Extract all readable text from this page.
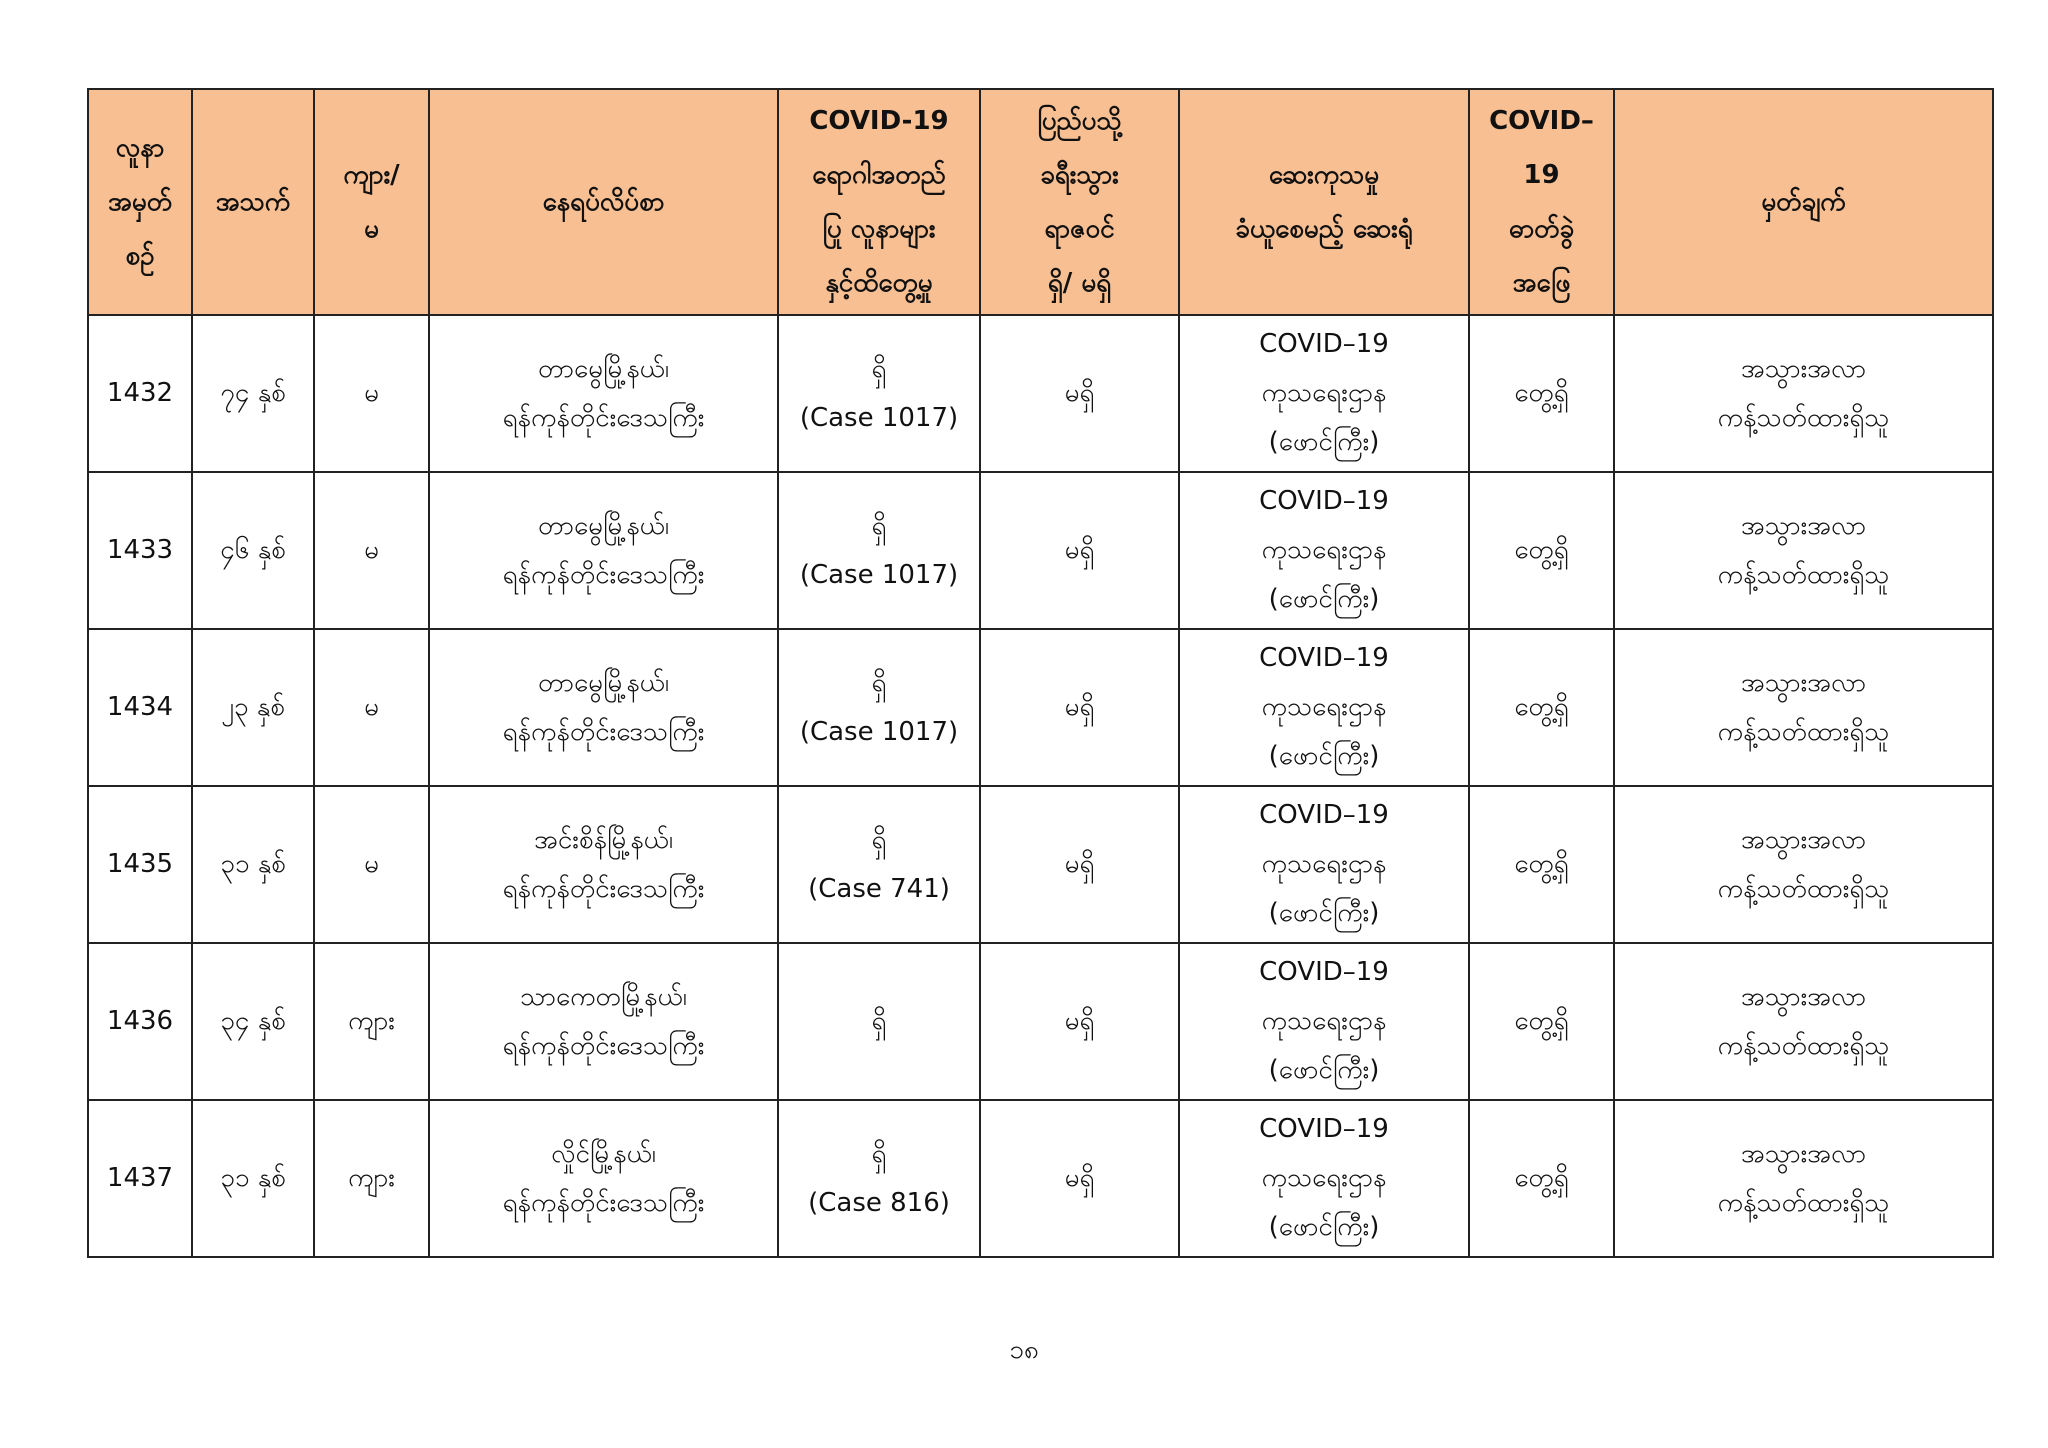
လူနာ
အမှတ်
စဉ်	အသက်	ကျား/
မ	နေရပ်လိပ်စာ	COVID-19
ရောဂါအတည်
ပြု လူနာများ
နှင့်ထိတွေ့မှု	ပြည်ပသို့
ခရီးသွား
ရာဇဝင်
ရှိ/ မရှိ	ဆေးကုသမှု
ခံယူစေမည့် ဆေးရုံ	COVID–
19
ဓာတ်ခွဲ
အဖြေ	မှတ်ချက်

1432	၇၄ နှစ်	မ	တာမွေမြို့နယ်၊
ရန်ကုန်တိုင်းဒေသကြီး	ရှိ
(Case 1017)	မရှိ	COVID–19
ကုသရေးဌာန
(ဖောင်ကြီး)	တွေ့ရှိ	အသွားအလာ
ကန့်သတ်ထားရှိသူ

1433	၄၆ နှစ်	မ	တာမွေမြို့နယ်၊
ရန်ကုန်တိုင်းဒေသကြီး	ရှိ
(Case 1017)	မရှိ	COVID–19
ကုသရေးဌာန
(ဖောင်ကြီး)	တွေ့ရှိ	အသွားအလာ
ကန့်သတ်ထားရှိသူ

1434	၂၃ နှစ်	မ	တာမွေမြို့နယ်၊
ရန်ကုန်တိုင်းဒေသကြီး	ရှိ
(Case 1017)	မရှိ	COVID–19
ကုသရေးဌာန
(ဖောင်ကြီး)	တွေ့ရှိ	အသွားအလာ
ကန့်သတ်ထားရှိသူ

1435	၃၁ နှစ်	မ	အင်းစိန်မြို့နယ်၊
ရန်ကုန်တိုင်းဒေသကြီး	ရှိ
(Case 741)	မရှိ	COVID–19
ကုသရေးဌာန
(ဖောင်ကြီး)	တွေ့ရှိ	အသွားအလာ
ကန့်သတ်ထားရှိသူ

1436	၃၄ နှစ်	ကျား	သာကေတမြို့နယ်၊
ရန်ကုန်တိုင်းဒေသကြီး	ရှိ	မရှိ	COVID–19
ကုသရေးဌာန
(ဖောင်ကြီး)	တွေ့ရှိ	အသွားအလာ
ကန့်သတ်ထားရှိသူ

1437	၃၁ နှစ်	ကျား	လှိုင်မြို့နယ်၊
ရန်ကုန်တိုင်းဒေသကြီး	ရှိ
(Case 816)	မရှိ	COVID–19
ကုသရေးဌာန
(ဖောင်ကြီး)	တွေ့ရှိ	အသွားအလာ
ကန့်သတ်ထားရှိသူ
၁၈
